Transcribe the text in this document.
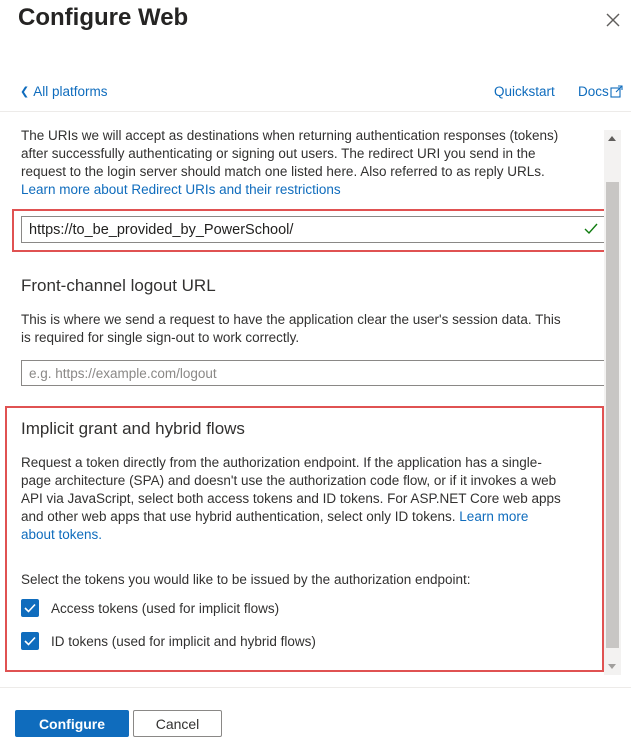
Configure Web
❮ All platforms	Quickstart Docs
The URIs we will accept as destinations when returning authentication responses (tokens)
after successfully authenticating or signing out users. The redirect URI you send in the
request to the login server should match one listed here. Also referred to as reply URLs.
Learn more about Redirect URIs and their restrictions
https://to_be_provided_by_PowerSchool/
Front-channel logout URL
This is where we send a request to have the application clear the user's session data. This
is required for single sign-out to work correctly.
e.g. https://example.com/logout
Implicit grant and hybrid flows
Request a token directly from the authorization endpoint. If the application has a single-
page architecture (SPA) and doesn't use the authorization code flow, or if it invokes a web
API via JavaScript, select both access tokens and ID tokens. For ASP.NET Core web apps
and other web apps that use hybrid authentication, select only ID tokens. Learn more
about tokens.
Select the tokens you would like to be issued by the authorization endpoint:
Access tokens (used for implicit flows)
ID tokens (used for implicit and hybrid flows)
Configure	Cancel
